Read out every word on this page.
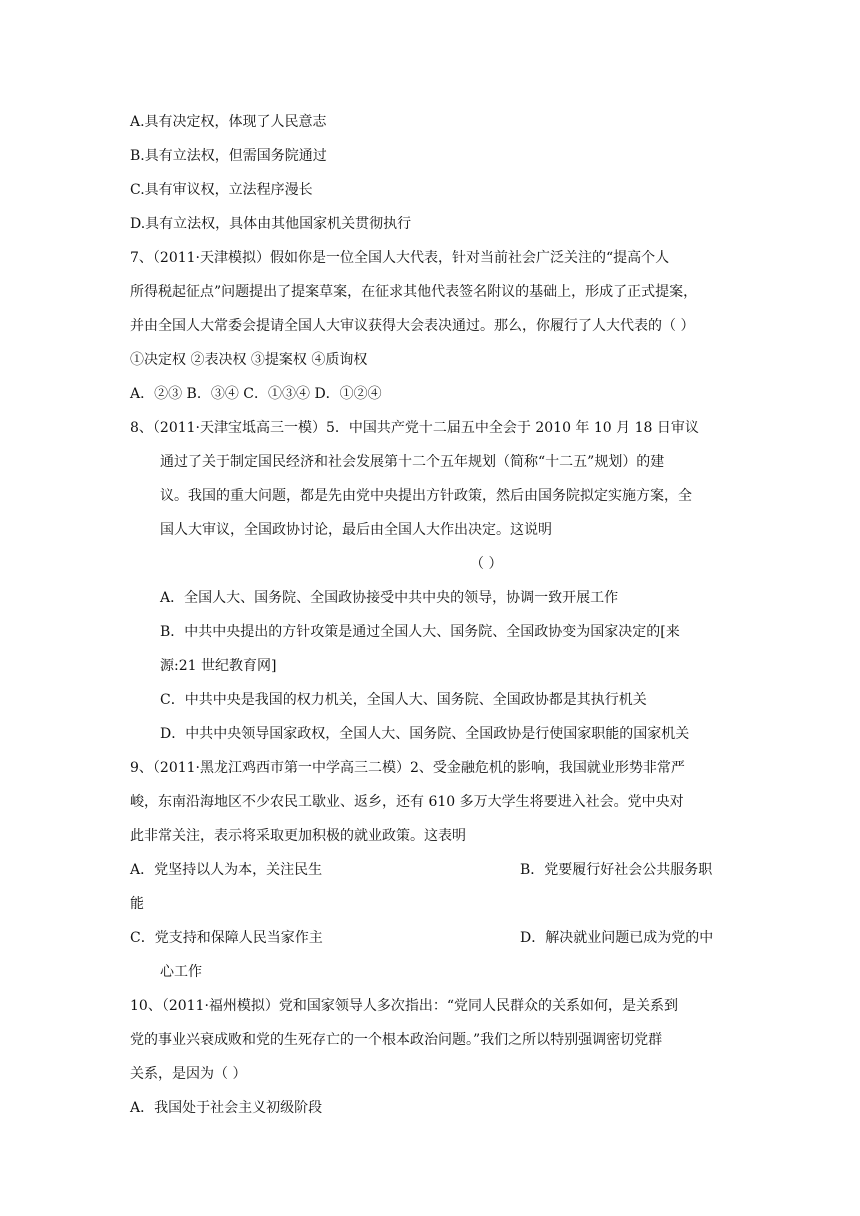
A.具有决定权，体现了人民意志
B.具有立法权，但需国务院通过
C.具有审议权，立法程序漫长
D.具有立法权，具体由其他国家机关贯彻执行
7、（2011·天津模拟）假如你是一位全国人大代表，针对当前社会广泛关注的“提高个人
所得税起征点”问题提出了提案草案，在征求其他代表签名附议的基础上，形成了正式提案，
并由全国人大常委会提请全国人大审议获得大会表决通过。那么，你履行了人大代表的（ ）
①决定权 ②表决权 ③提案权 ④质询权
A．②③ B．③④ C．①③④ D．①②④
8、（2011·天津宝坻高三一模）5．中国共产党十二届五中全会于 2010 年 10 月 18 日审议
通过了关于制定国民经济和社会发展第十二个五年规划（简称“十二五”规划）的建
议。我国的重大问题，都是先由党中央提出方针政策，然后由国务院拟定实施方案，全
国人大审议，全国政协讨论，最后由全国人大作出决定。这说明
（ ）
A．全国人大、国务院、全国政协接受中共中央的领导，协调一致开展工作
B．中共中央提出的方针攻策是通过全国人大、国务院、全国政协变为国家决定的[来
源:21 世纪教育网]
C．中共中央是我国的权力机关，全国人大、国务院、全国政协都是其执行机关
D．中共中央领导国家政权，全国人大、国务院、全国政协是行使国家职能的国家机关
9、（2011·黑龙江鸡西市第一中学高三二模）2、受金融危机的影响，我国就业形势非常严
峻，东南沿海地区不少农民工歇业、返乡，还有 610 多万大学生将要进入社会。党中央对
此非常关注，表示将采取更加积极的就业政策。这表明
A．党坚持以人为本，关注民生	B．党要履行好社会公共服务职
能
C．党支持和保障人民当家作主	D．解决就业问题已成为党的中
心工作
10、（2011·福州模拟）党和国家领导人多次指出：“党同人民群众的关系如何，是关系到
党的事业兴衰成败和党的生死存亡的一个根本政治问题。”我们之所以特别强调密切党群
关系，是因为（ ）
A．我国处于社会主义初级阶段
